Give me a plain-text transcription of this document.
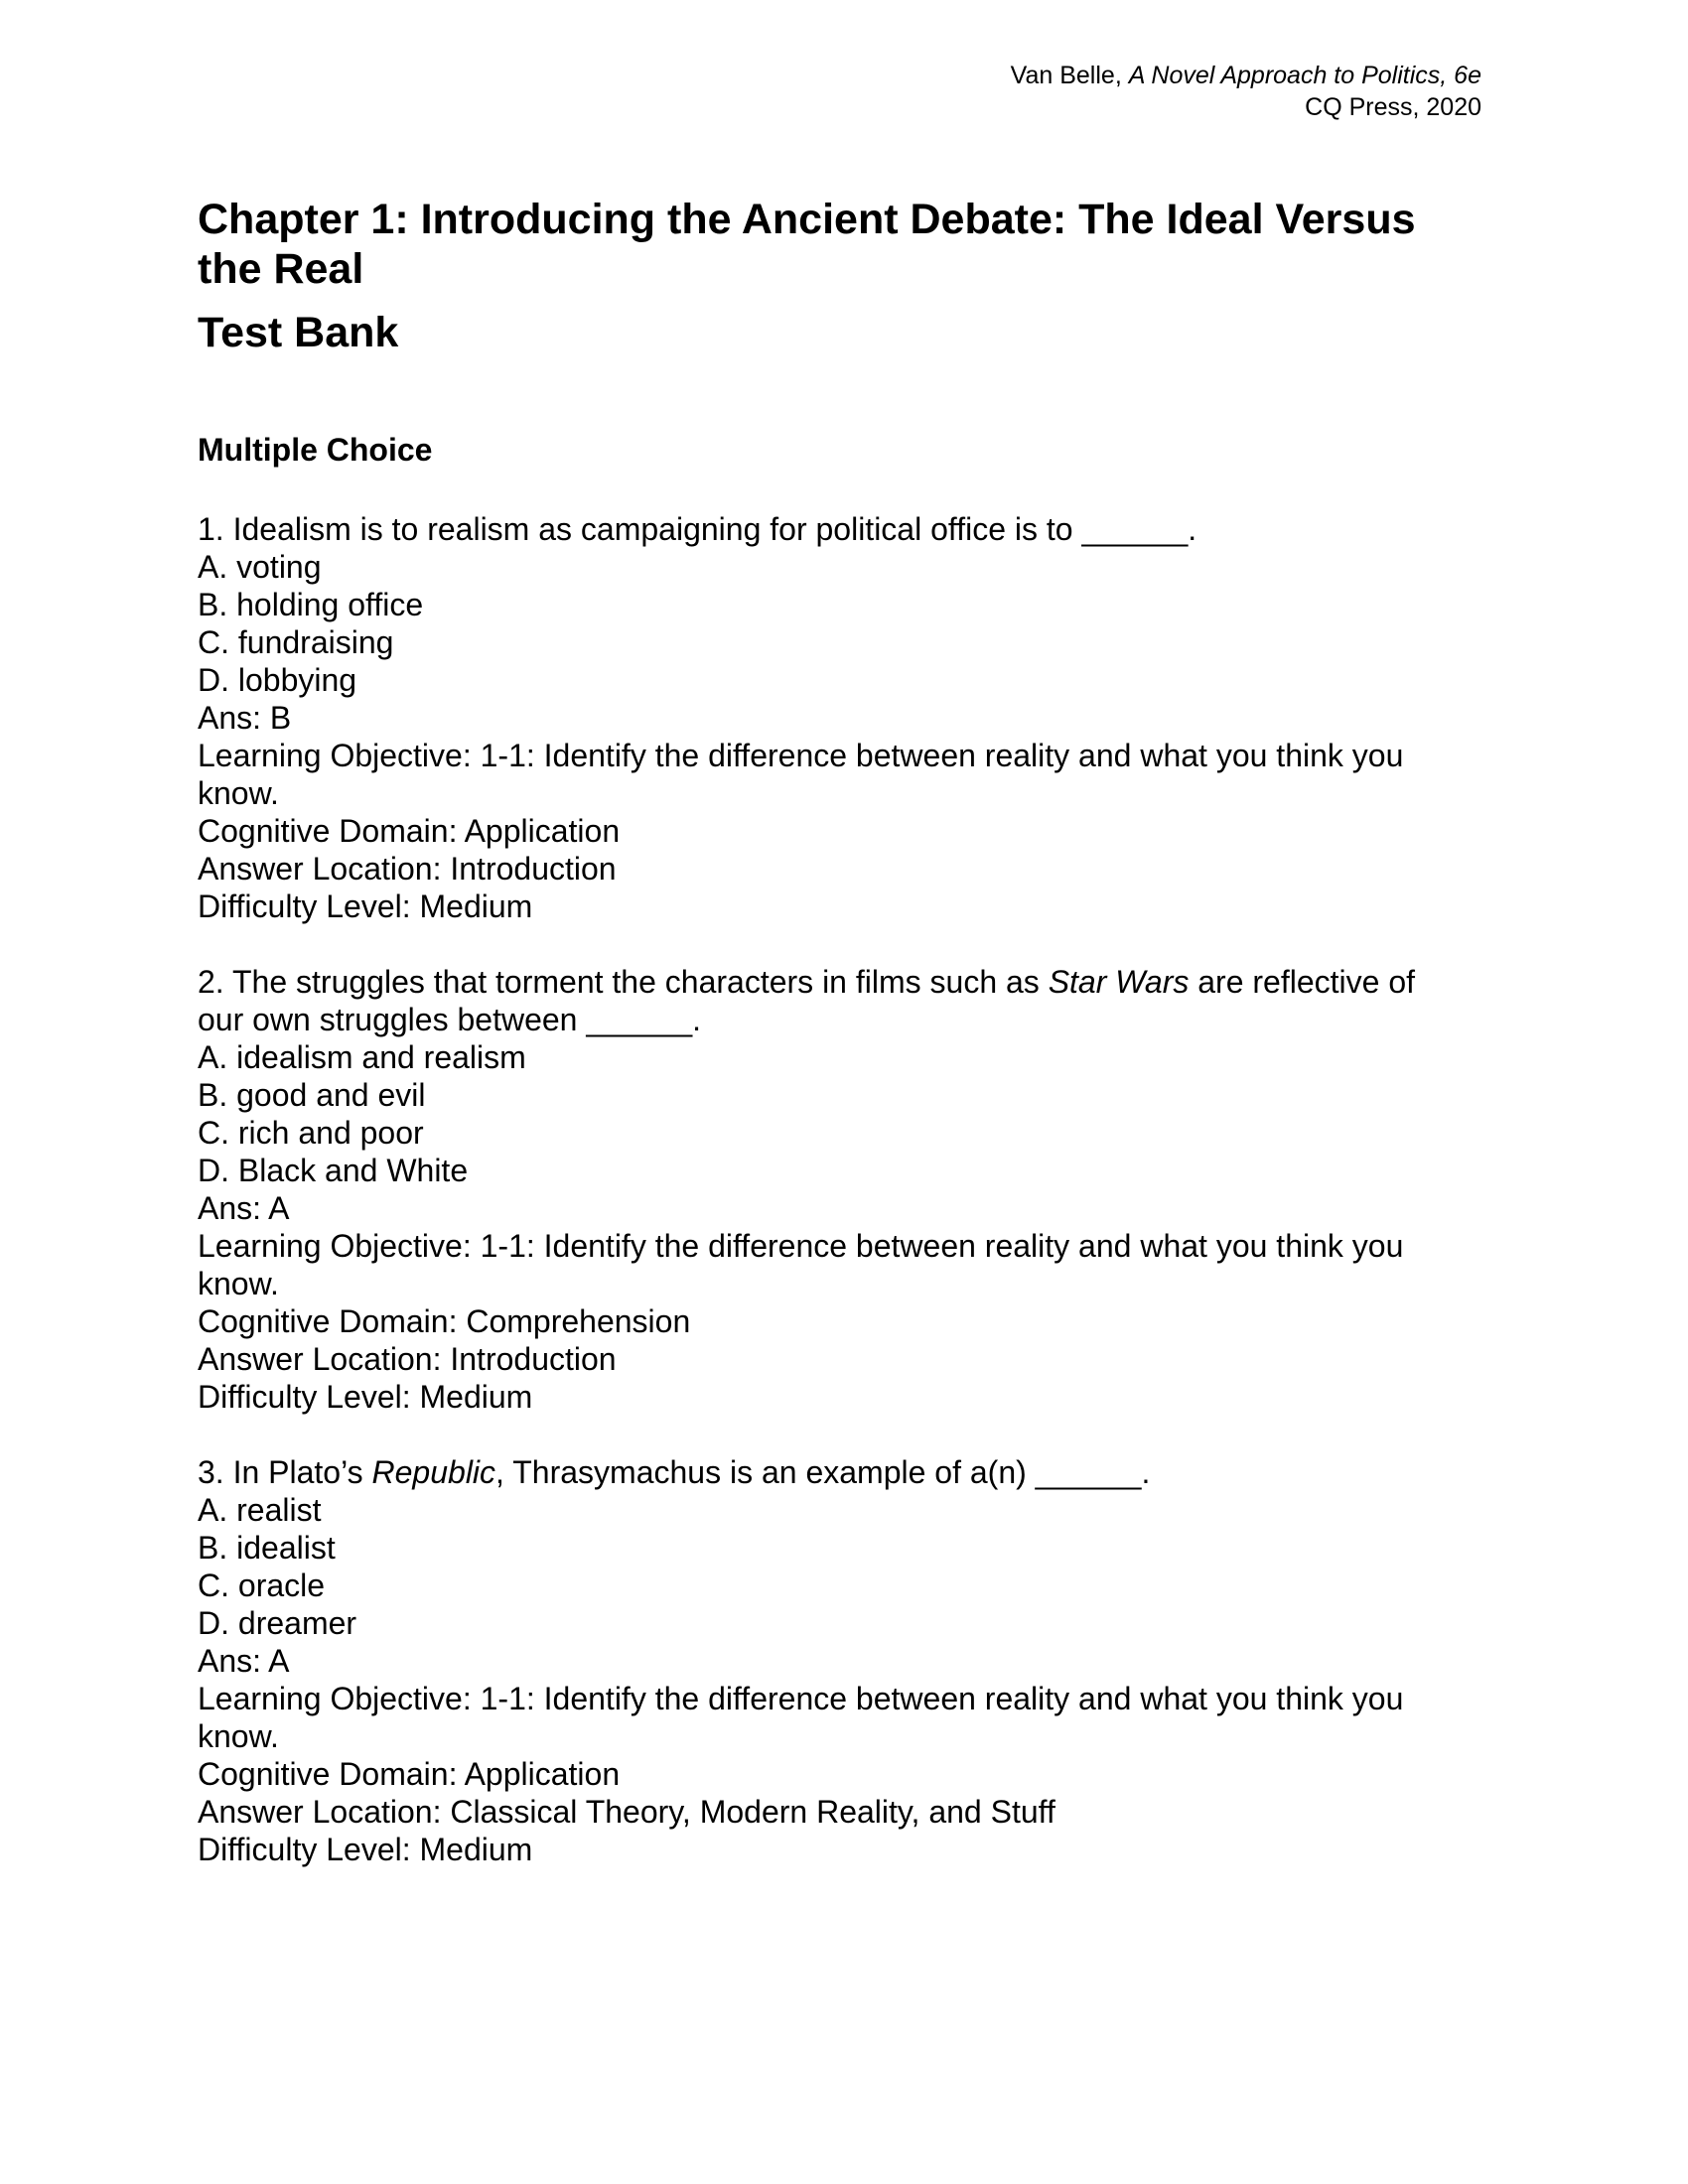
Van Belle, A Novel Approach to Politics, 6e
CQ Press, 2020
Chapter 1: Introducing the Ancient Debate: The Ideal Versus the Real
Test Bank
Multiple Choice
1. Idealism is to realism as campaigning for political office is to ______.
A. voting
B. holding office
C. fundraising
D. lobbying
Ans: B
Learning Objective: 1-1: Identify the difference between reality and what you think you know.
Cognitive Domain: Application
Answer Location: Introduction
Difficulty Level: Medium
2. The struggles that torment the characters in films such as Star Wars are reflective of our own struggles between ______.
A. idealism and realism
B. good and evil
C. rich and poor
D. Black and White
Ans: A
Learning Objective: 1-1: Identify the difference between reality and what you think you know.
Cognitive Domain: Comprehension
Answer Location: Introduction
Difficulty Level: Medium
3. In Plato’s Republic, Thrasymachus is an example of a(n) ______.
A. realist
B. idealist
C. oracle
D. dreamer
Ans: A
Learning Objective: 1-1: Identify the difference between reality and what you think you know.
Cognitive Domain: Application
Answer Location: Classical Theory, Modern Reality, and Stuff
Difficulty Level: Medium
